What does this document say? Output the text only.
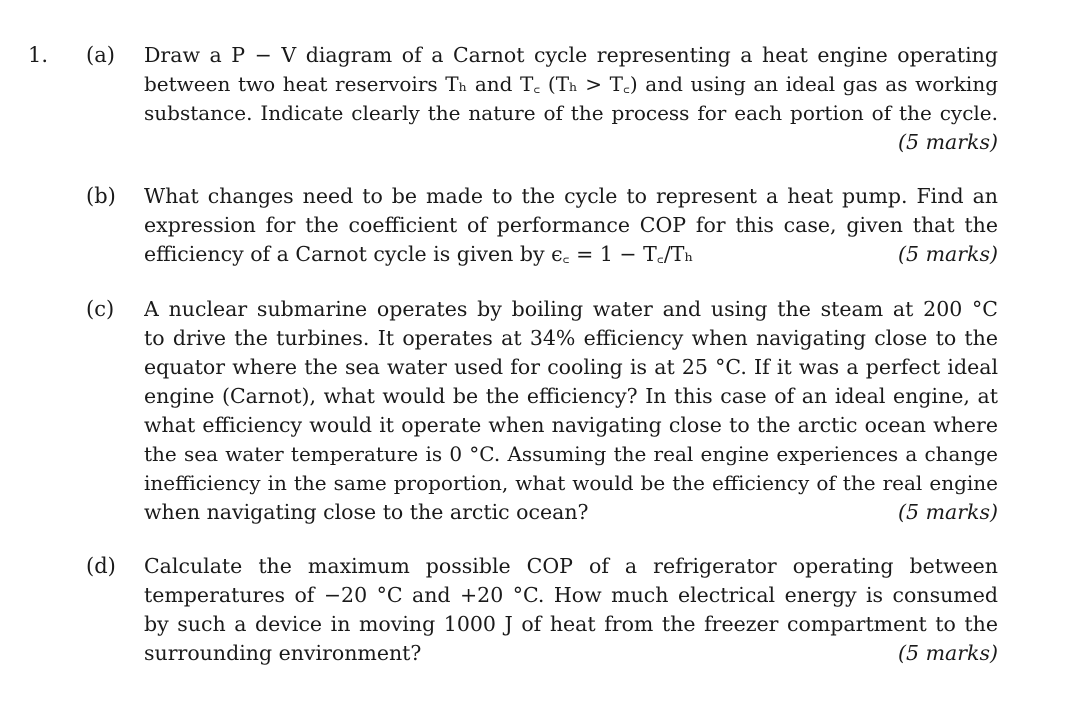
1. (a) Draw a P − V diagram of a Carnot cycle representing a heat engine operating
between two heat reservoirs Tₕ and T꜀ (Tₕ > T꜀) and using an ideal gas as working
substance. Indicate clearly the nature of the process for each portion of the cycle.
(5 marks)
(b) What changes need to be made to the cycle to represent a heat pump. Find an
expression for the coefficient of performance COP for this case, given that the
efficiency of a Carnot cycle is given by ϵ꜀ = 1 − T꜀/Tₕ	(5 marks)
(c) A nuclear submarine operates by boiling water and using the steam at 200 °C
to drive the turbines. It operates at 34% efficiency when navigating close to the
equator where the sea water used for cooling is at 25 °C. If it was a perfect ideal
engine (Carnot), what would be the efficiency? In this case of an ideal engine, at
what efficiency would it operate when navigating close to the arctic ocean where
the sea water temperature is 0 °C. Assuming the real engine experiences a change
inefficiency in the same proportion, what would be the efficiency of the real engine
when navigating close to the arctic ocean?	(5 marks)
(d) Calculate the maximum possible COP of a refrigerator operating between
temperatures of −20 °C and +20 °C. How much electrical energy is consumed
by such a device in moving 1000 J of heat from the freezer compartment to the
surrounding environment?	(5 marks)
